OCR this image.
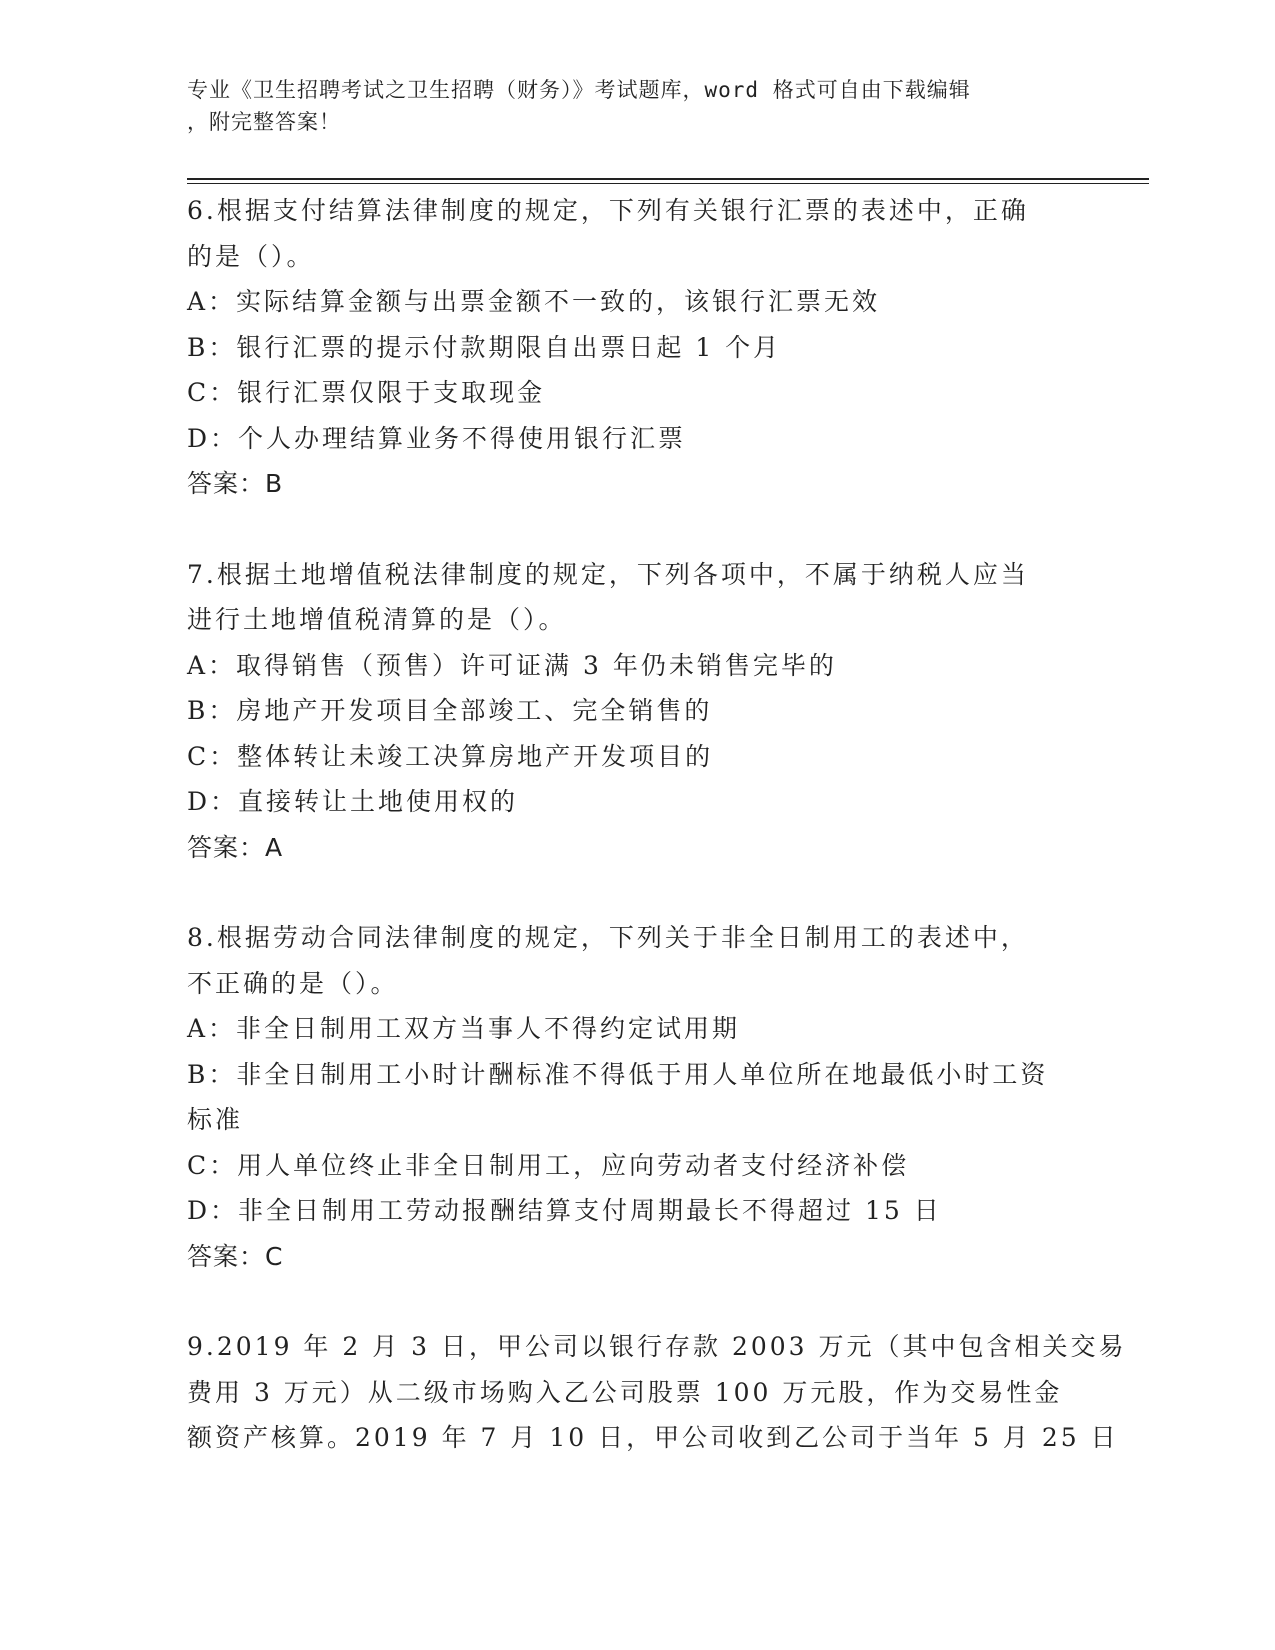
专业《卫生招聘考试之卫生招聘（财务）》考试题库，word 格式可自由下载编辑
，附完整答案！
6.根据支付结算法律制度的规定，下列有关银行汇票的表述中，正确
的是（）。
A：实际结算金额与出票金额不一致的，该银行汇票无效
B：银行汇票的提示付款期限自出票日起 1 个月
C：银行汇票仅限于支取现金
D：个人办理结算业务不得使用银行汇票
答案：B
7.根据土地增值税法律制度的规定，下列各项中，不属于纳税人应当
进行土地增值税清算的是（）。
A：取得销售（预售）许可证满 3 年仍未销售完毕的
B：房地产开发项目全部竣工、完全销售的
C：整体转让未竣工决算房地产开发项目的
D：直接转让土地使用权的
答案：A
8.根据劳动合同法律制度的规定，下列关于非全日制用工的表述中，
不正确的是（）。
A：非全日制用工双方当事人不得约定试用期
B：非全日制用工小时计酬标准不得低于用人单位所在地最低小时工资
标准
C：用人单位终止非全日制用工，应向劳动者支付经济补偿
D：非全日制用工劳动报酬结算支付周期最长不得超过 15 日
答案：C
9.2019 年 2 月 3 日，甲公司以银行存款 2003 万元（其中包含相关交易
费用 3 万元）从二级市场购入乙公司股票 100 万元股，作为交易性金
额资产核算。2019 年 7 月 10 日，甲公司收到乙公司于当年 5 月 25 日
